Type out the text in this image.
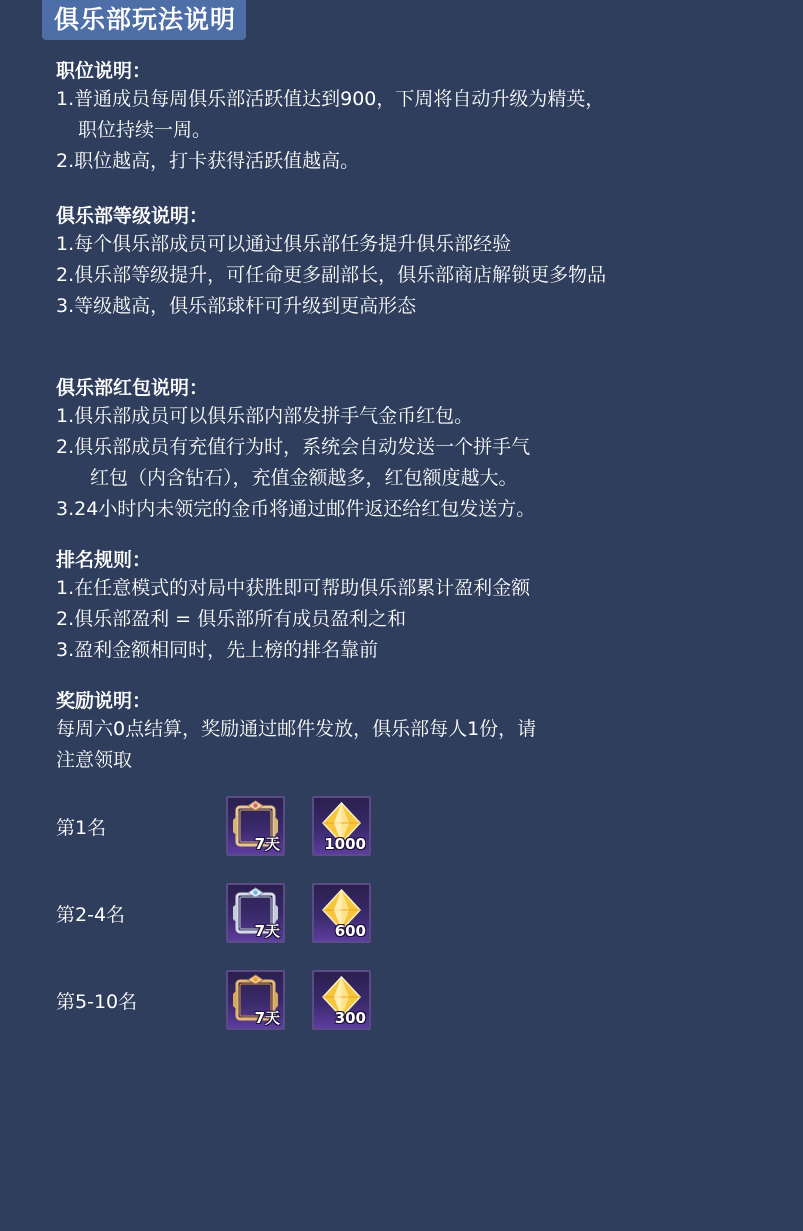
俱乐部玩法说明
职位说明：
1.普通成员每周俱乐部活跃值达到900，下周将自动升级为精英，
职位持续一周。
2.职位越高，打卡获得活跃值越高。
俱乐部等级说明：
1.每个俱乐部成员可以通过俱乐部任务提升俱乐部经验
2.俱乐部等级提升，可任命更多副部长，俱乐部商店解锁更多物品
3.等级越高，俱乐部球杆可升级到更高形态
俱乐部红包说明：
1.俱乐部成员可以俱乐部内部发拼手气金币红包。
2.俱乐部成员有充值行为时，系统会自动发送一个拼手气
红包（内含钻石），充值金额越多，红包额度越大。
3.24小时内未领完的金币将通过邮件返还给红包发送方。
排名规则：
1.在任意模式的对局中获胜即可帮助俱乐部累计盈利金额
2.俱乐部盈利 = 俱乐部所有成员盈利之和
3.盈利金额相同时，先上榜的排名靠前
奖励说明：
每周六0点结算，奖励通过邮件发放，俱乐部每人1份，请
注意领取
第1名
7天	1000
第2-4名
7天	600
第5-10名
7天	300
